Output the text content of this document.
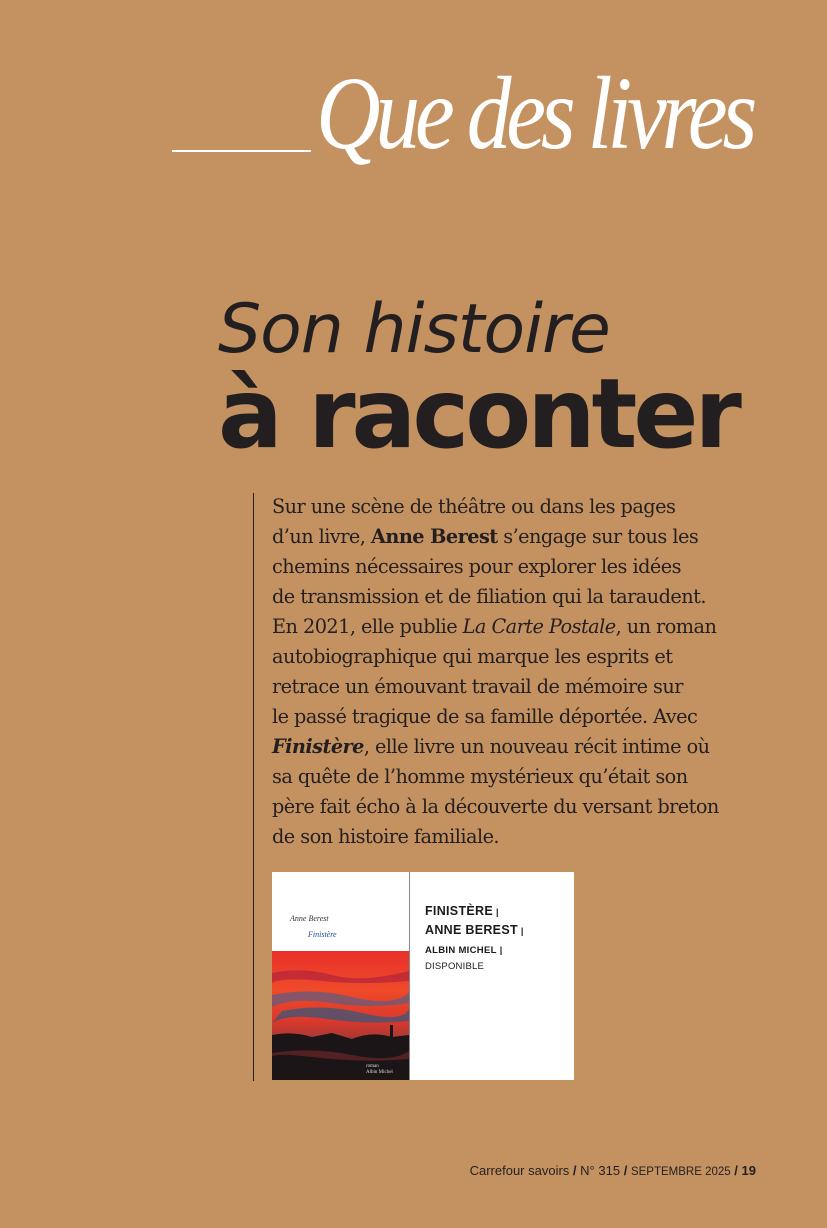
Que des livres
Son histoire
à raconter
Sur une scène de théâtre ou dans les pages
d’un livre, Anne Berest s’engage sur tous les
chemins nécessaires pour explorer les idées
de transmission et de filiation qui la taraudent.
En 2021, elle publie La Carte Postale, un roman
autobiographique qui marque les esprits et
retrace un émouvant travail de mémoire sur
le passé tragique de sa famille déportée. Avec
Finistère, elle livre un nouveau récit intime où
sa quête de l’homme mystérieux qu’était son
père fait écho à la découverte du versant breton
de son histoire familiale.
Anne Berest
Finistère
roman
Albin Michel
FINISTÈRE |
ANNE BEREST |
ALBIN MICHEL |
DISPONIBLE
Carrefour savoirs / N° 315 / SEPTEMBRE 2025 / 19
